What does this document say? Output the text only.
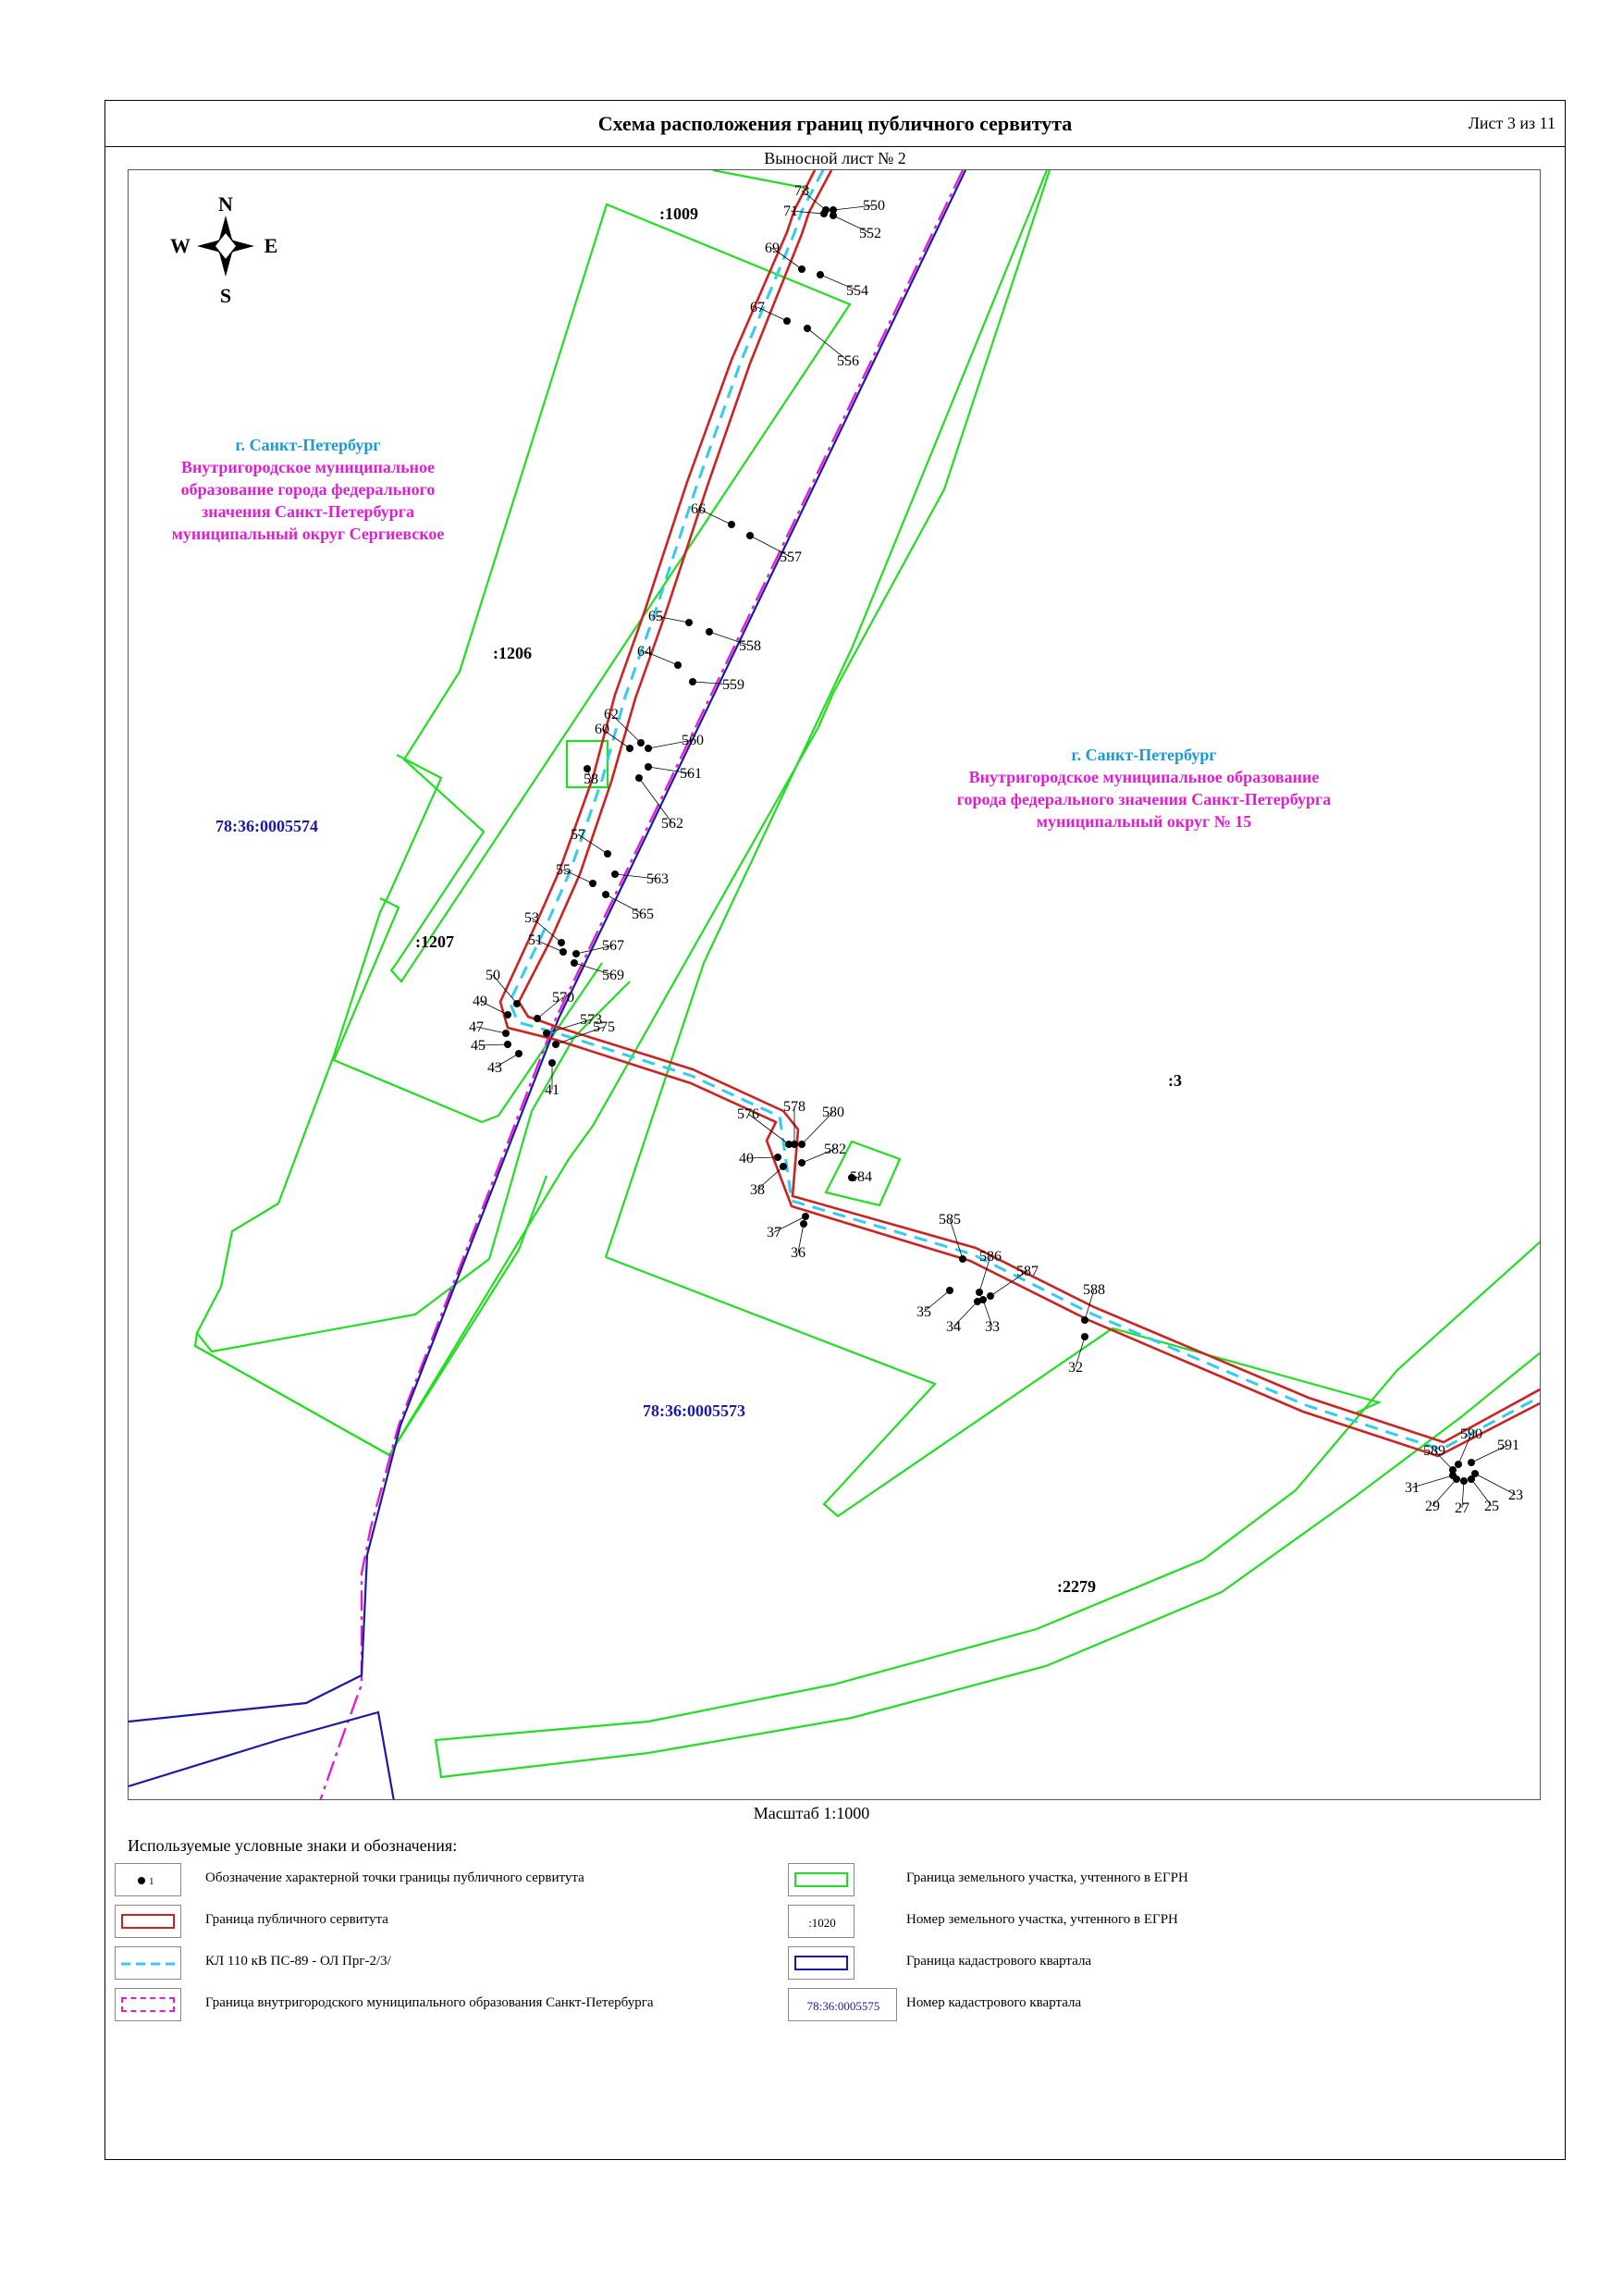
Схема расположения границ публичного сервитута	Лист 3 из 11
Выносной лист № 2
73
71	550
552
69
554
67
556
66
557
65
558
64
559
62
60
560
58	561
562
57
55
563
565
53
51	567
569
50
49	570
573
47
45
43
575
41
576 578 580
582
40
38
584
37
36
585
586
587
35
34 33
588
32
590
589	591
31
29 27 25
23
N
S
W	E
г. Санкт-Петербург
Внутригородское муниципальное
образование города федерального
значения Санкт-Петербурга
муниципальный округ Сергиевское
г. Санкт-Петербург
Внутригородское муниципальное образование
города федерального значения Санкт-Петербурга
муниципальный округ № 15
:1009
:1206
:1207
:3
:2279
78:36:0005574
78:36:0005573
Масштаб 1:1000
Используемые условные знаки и обозначения:
1	Обозначение характерной точки границы публичного сервитута
Граница публичного сервитута
КЛ 110 кВ ПС-89 - ОЛ Прг-2/3/
Граница внутригородского муниципального образования Санкт-Петербурга
Граница земельного участка, учтенного в ЕГРН
:1020	Номер земельного участка, учтенного в ЕГРН
Граница кадастрового квартала
78:36:0005575 Номер кадастрового квартала
